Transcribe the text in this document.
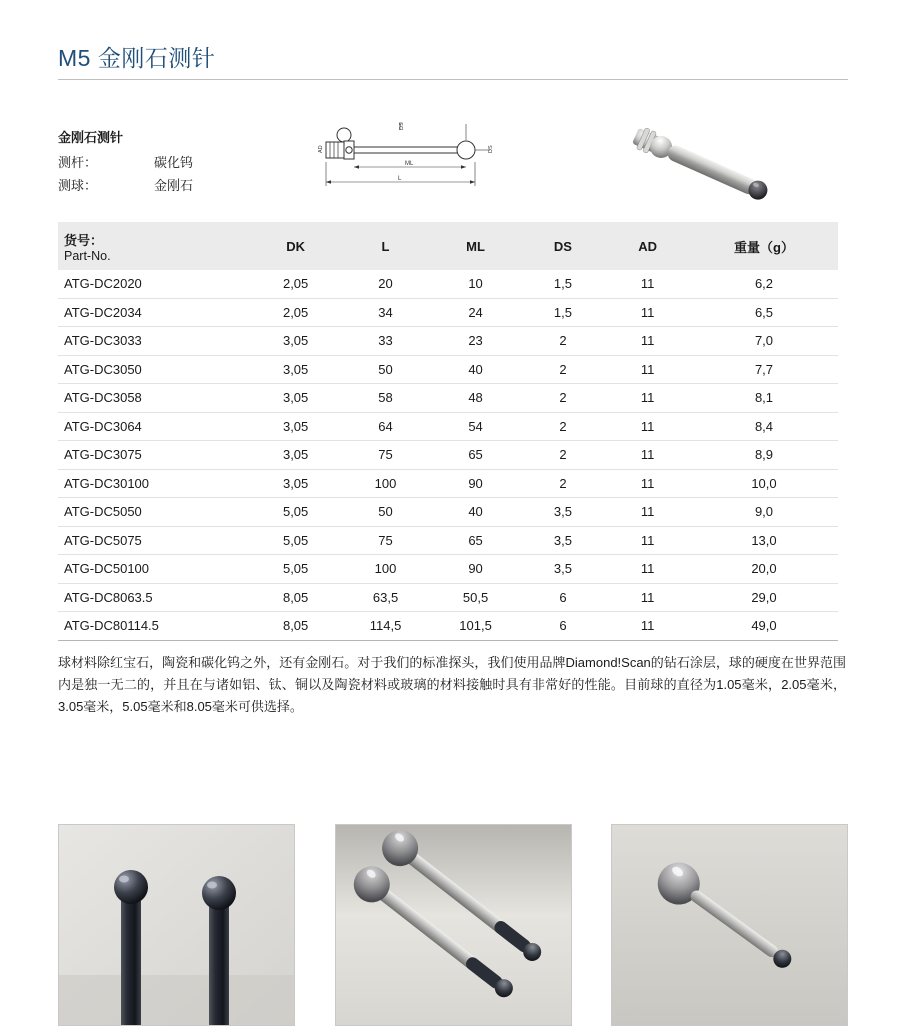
M5 金刚石测针
金刚石测针
测杆：	碳化钨
测球：	金刚石
ML
L
AD
DS
DS
货号：
Part-No.	DK	L	ML	DS	AD	重量（g）

ATG-DC2020	2,05	20	10	1,5	11	6,2
ATG-DC2034	2,05	34	24	1,5	11	6,5
ATG-DC3033	3,05	33	23	2	11	7,0
ATG-DC3050	3,05	50	40	2	11	7,7
ATG-DC3058	3,05	58	48	2	11	8,1
ATG-DC3064	3,05	64	54	2	11	8,4
ATG-DC3075	3,05	75	65	2	11	8,9
ATG-DC30100	3,05	100	90	2	11	10,0
ATG-DC5050	5,05	50	40	3,5	11	9,0
ATG-DC5075	5,05	75	65	3,5	11	13,0
ATG-DC50100	5,05	100	90	3,5	11	20,0
ATG-DC8063.5	8,05	63,5	50,5	6	11	29,0
ATG-DC80114.5	8,05	114,5	101,5	6	11	49,0
球材料除红宝石，陶瓷和碳化钨之外，还有金刚石。对于我们的标准探头，我们使用品牌Diamond!Scan的钻石涂层，球的硬度在世界范围内是独一无二的，并且在与诸如铝、钛、铜以及陶瓷材料或玻璃的材料接触时具有非常好的性能。目前球的直径为1.05毫米，2.05毫米，3.05毫米，5.05毫米和8.05毫米可供选择。
